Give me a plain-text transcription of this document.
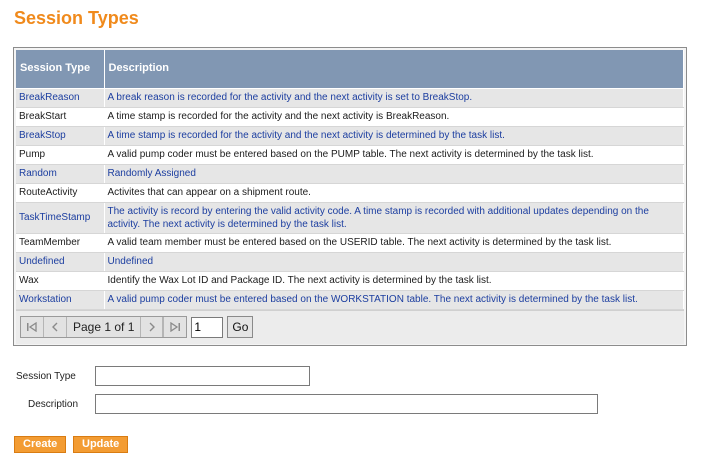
Session Types
Session Type	Description
BreakReason	A break reason is recorded for the activity and the next activity is set to BreakStop.
BreakStart	A time stamp is recorded for the activity and the next activity is BreakReason.
BreakStop	A time stamp is recorded for the activity and the next activity is determined by the task list.
Pump	A valid pump coder must be entered based on the PUMP table. The next activity is determined by the task list.
Random	Randomly Assigned
RouteActivity	Activites that can appear on a shipment route.
TaskTimeStamp	The activity is record by entering the valid activity code. A time stamp is recorded with additional updates depending on the activity. The next activity is determined by the task list.
TeamMember	A valid team member must be entered based on the USERID table. The next activity is determined by the task list.
Undefined	Undefined
Wax	Identify the Wax Lot ID and Package ID. The next activity is determined by the task list.
Workstation	A valid pump coder must be entered based on the WORKSTATION table. The next activity is determined by the task list.
Page 1 of 1
1	Go
Session Type
Description
Create	Update
